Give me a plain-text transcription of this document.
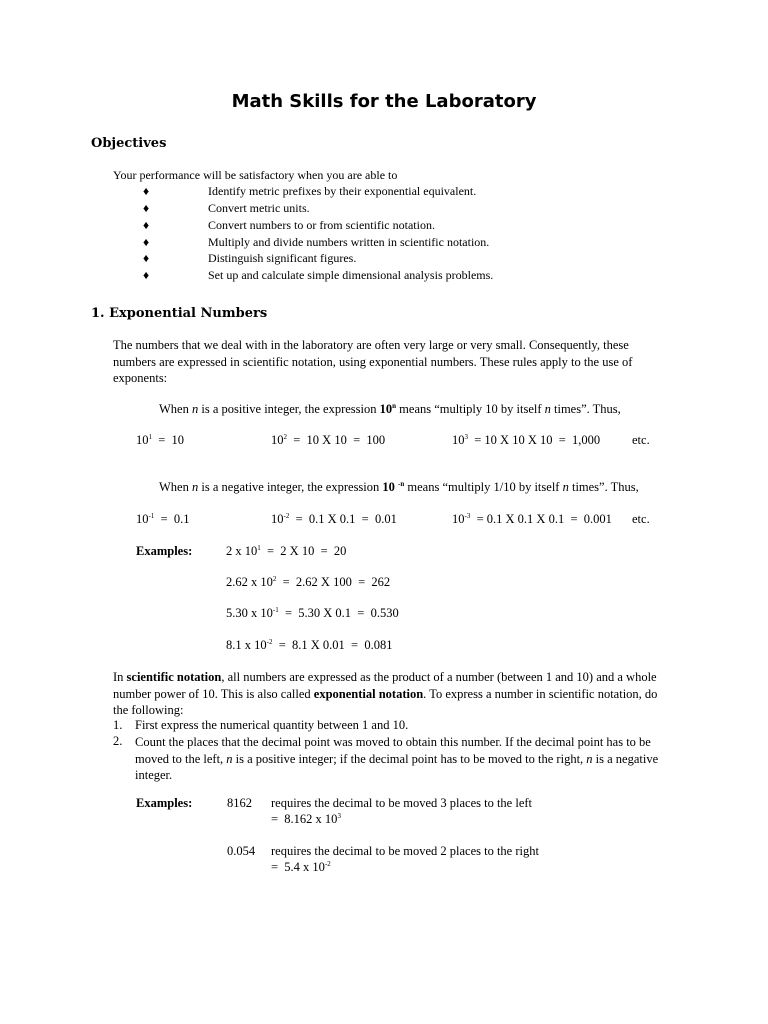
Math Skills for the Laboratory
Objectives
Your performance will be satisfactory when you are able to
♦	Identify metric prefixes by their exponential equivalent.
♦	Convert metric units.
♦	Convert numbers to or from scientific notation.
♦	Multiply and divide numbers written in scientific notation.
♦	Distinguish significant figures.
♦	Set up and calculate simple dimensional analysis problems.
1. Exponential Numbers
The numbers that we deal with in the laboratory are often very large or very small. Consequently, these numbers are expressed in scientific notation, using exponential numbers. These rules apply to the use of exponents:
When n is a positive integer, the expression 10$^n$ means “multiply 10 by itself n times”. Thus,
$10^1 = 10$	$10^2 = 10$ X 10  =  100	$10^3 = 10$ X 10 X 10  =  1,000	etc.
When n is a negative integer, the expression 10 $^{-n}$ means “multiply 1/10 by itself n times”. Thus,
$10^{-1} = 0.1$	$10^{-2} = 0.1$ X 0.1  =  0.01	$10^{-3} = 0.1$ X 0.1 X 0.1  =  0.001 etc.
Examples:	2 x $10^1 = 2$ X 10  =  20
2.62 x $10^2 = 2.62$ X 100  =  262
5.30 x $10^{-1} = 5.30$ X 0.1  =  0.530
8.1 x $10^{-2} = 8.1$ X 0.01  =  0.081
In scientific notation, all numbers are expressed as the product of a number (between 1 and 10) and a whole number power of 10. This is also called exponential notation. To express a number in scientific notation, do the following:
1. First express the numerical quantity between 1 and 10.
2. Count the places that the decimal point was moved to obtain this number. If the decimal point has to be moved to the left, n is a positive integer; if the decimal point has to be moved to the right, n is a negative integer.
Examples:	8162 requires the decimal to be moved 3 places to the left
=  8.162 x $10^3$
0.054 requires the decimal to be moved 2 places to the right
=  5.4 x $10^{-2}$
